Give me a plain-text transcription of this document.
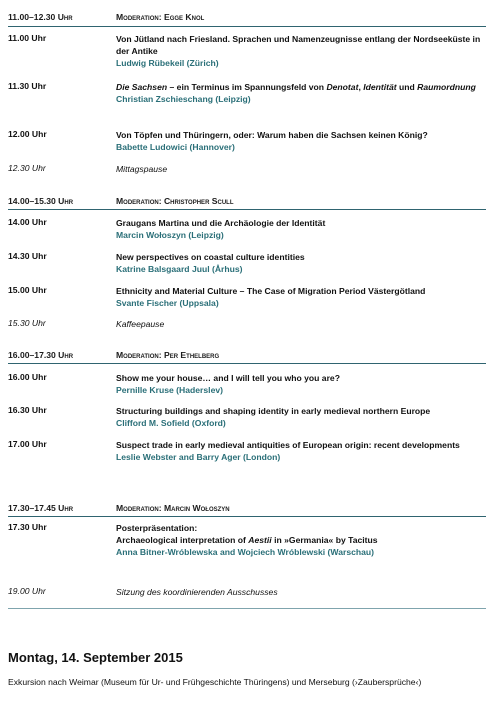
11.00–12.30 Uhr	Moderation: Egge Knol
11.00 Uhr	Von Jütland nach Friesland. Sprachen und Namenzeugnisse entlang der Nordseeküste in der Antike
Ludwig Rübekeil (Zürich)
11.30 Uhr	Die Sachsen – ein Terminus im Spannungsfeld von Denotat, Identität und Raumordnung
Christian Zschieschang (Leipzig)
12.00 Uhr	Von Töpfen und Thüringern, oder: Warum haben die Sachsen keinen König?
Babette Ludowici (Hannover)
12.30 Uhr	Mittagspause
14.00–15.30 Uhr	Moderation: Christopher Scull
14.00 Uhr	Graugans Martina und die Archäologie der Identität
Marcin Wołoszyn (Leipzig)
14.30 Uhr	New perspectives on coastal culture identities
Katrine Balsgaard Juul (Århus)
15.00 Uhr	Ethnicity and Material Culture – The Case of Migration Period Västergötland
Svante Fischer (Uppsala)
15.30 Uhr	Kaffeepause
16.00–17.30 Uhr	Moderation: Per Ethelberg
16.00 Uhr	Show me your house… and I will tell you who you are?
Pernille Kruse (Haderslev)
16.30 Uhr	Structuring buildings and shaping identity in early medieval northern Europe
Clifford M. Sofield (Oxford)
17.00 Uhr	Suspect trade in early medieval antiquities of European origin: recent developments
Leslie Webster and Barry Ager (London)
17.30–17.45 Uhr	Moderation: Marcin Wołoszyn
17.30 Uhr	Posterpräsentation:
Archaeological interpretation of Aestii in »Germania« by Tacitus
Anna Bitner-Wróblewska and Wojciech Wróblewski (Warschau)
19.00 Uhr	Sitzung des koordinierenden Ausschusses
Montag, 14. September 2015
Exkursion nach Weimar (Museum für Ur- und Frühgeschichte Thüringens) und Merseburg (›Zaubersprüche‹)
